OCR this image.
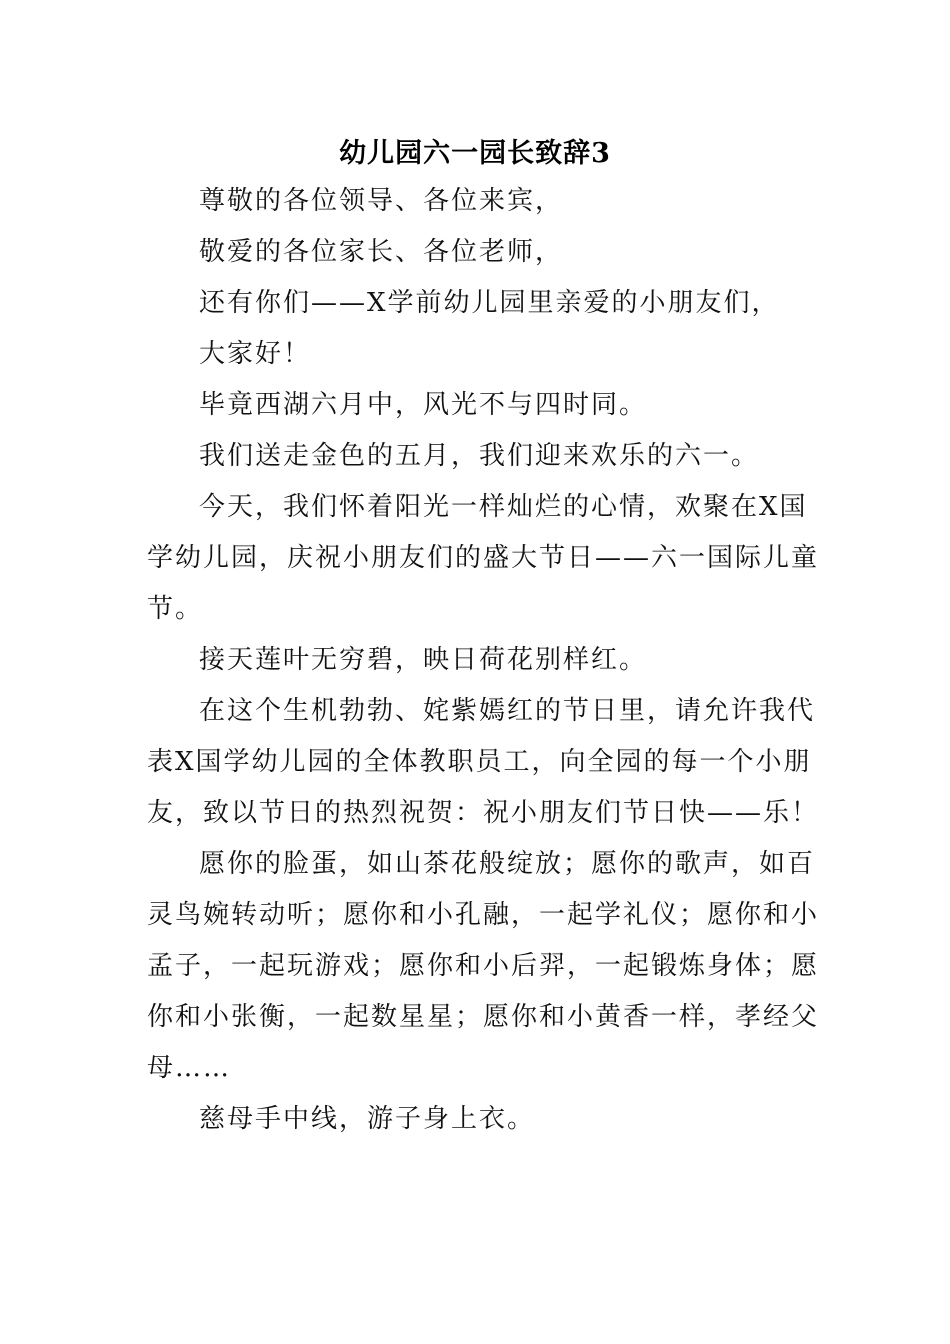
幼儿园六一园长致辞3

尊敬的各位领导、各位来宾，

敬爱的各位家长、各位老师，

还有你们——X学前幼儿园里亲爱的小朋友们，

大家好！

毕竟西湖六月中，风光不与四时同。

我们送走金色的五月，我们迎来欢乐的六一。

今天，我们怀着阳光一样灿烂的心情，欢聚在X国学幼儿园，庆祝小朋友们的盛大节日——六一国际儿童节。

接天莲叶无穷碧，映日荷花别样红。

在这个生机勃勃、姹紫嫣红的节日里，请允许我代表X国学幼儿园的全体教职员工，向全园的每一个小朋友，致以节日的热烈祝贺：祝小朋友们节日快——乐！

愿你的脸蛋，如山茶花般绽放；愿你的歌声，如百灵鸟婉转动听；愿你和小孔融，一起学礼仪；愿你和小孟子，一起玩游戏；愿你和小后羿，一起锻炼身体；愿你和小张衡，一起数星星；愿你和小黄香一样，孝经父母……

慈母手中线，游子身上衣。
